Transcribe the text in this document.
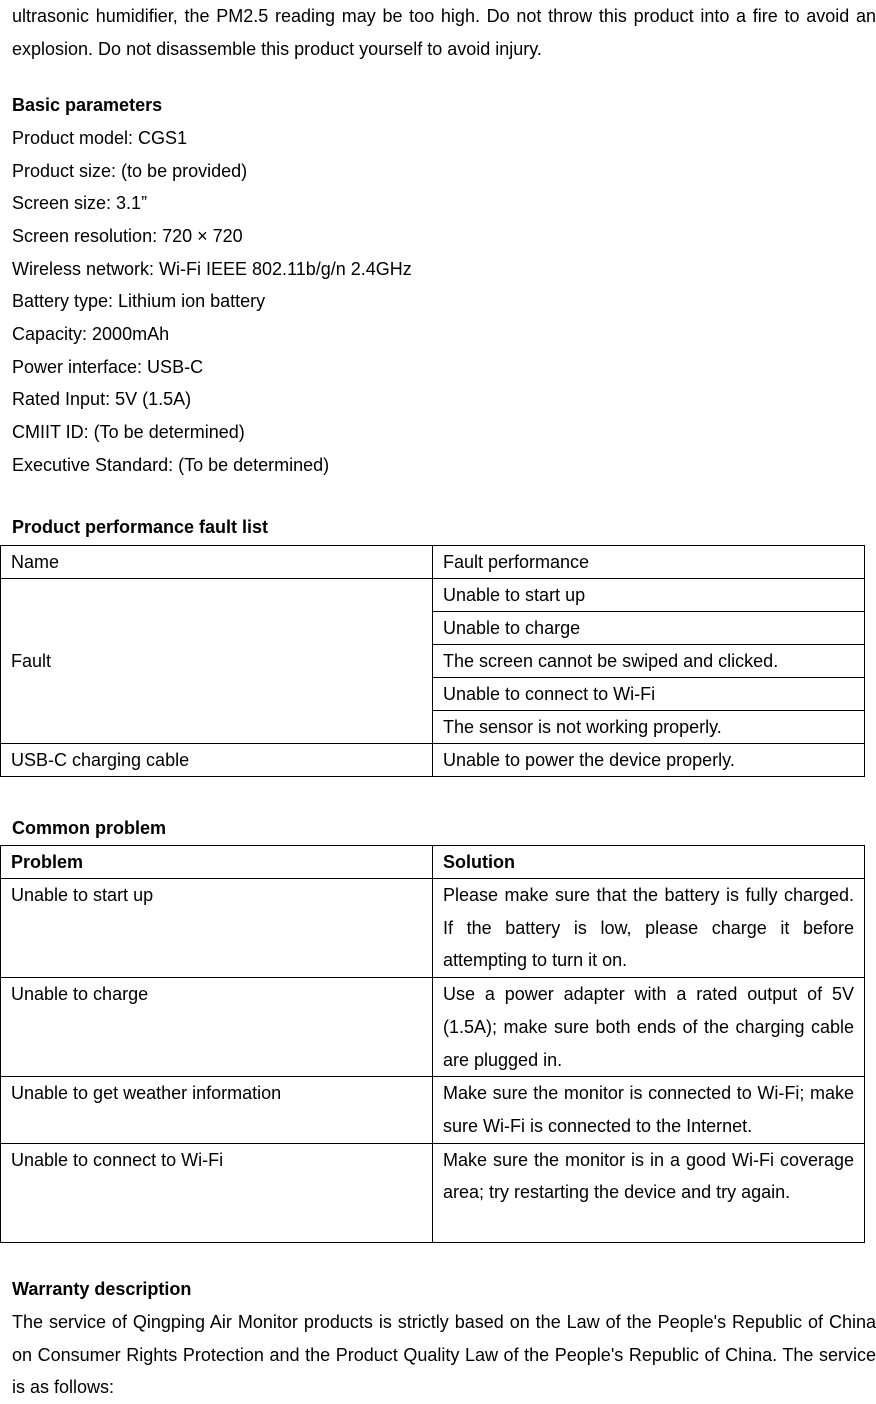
ultrasonic humidifier, the PM2.5 reading may be too high. Do not throw this product into a fire to avoid an explosion. Do not disassemble this product yourself to avoid injury.

Basic parameters

Product model: CGS1

Product size: (to be provided)

Screen size: 3.1”

Screen resolution: 720 × 720

Wireless network: Wi-Fi IEEE 802.11b/g/n 2.4GHz

Battery type: Lithium ion battery

Capacity: 2000mAh

Power interface: USB-C

Rated Input: 5V (1.5A)

CMIIT ID: (To be determined)

Executive Standard: (To be determined)

Product performance fault list

Name	Fault performance
Fault	Unable to start up
	Unable to charge
	The screen cannot be swiped and clicked.
	Unable to connect to Wi-Fi
	The sensor is not working properly.
USB-C charging cable	Unable to power the device properly.

Common problem

Problem	Solution
Unable to start up	Please make sure that the battery is fully charged. If the battery is low, please charge it before attempting to turn it on.
Unable to charge	Use a power adapter with a rated output of 5V (1.5A); make sure both ends of the charging cable are plugged in.
Unable to get weather information	Make sure the monitor is connected to Wi-Fi; make sure Wi-Fi is connected to the Internet.
Unable to connect to Wi-Fi	Make sure the monitor is in a good Wi-Fi coverage area; try restarting the device and try again.

Warranty description

The service of Qingping Air Monitor products is strictly based on the Law of the People's Republic of China on Consumer Rights Protection and the Product Quality Law of the People's Republic of China. The service is as follows:
